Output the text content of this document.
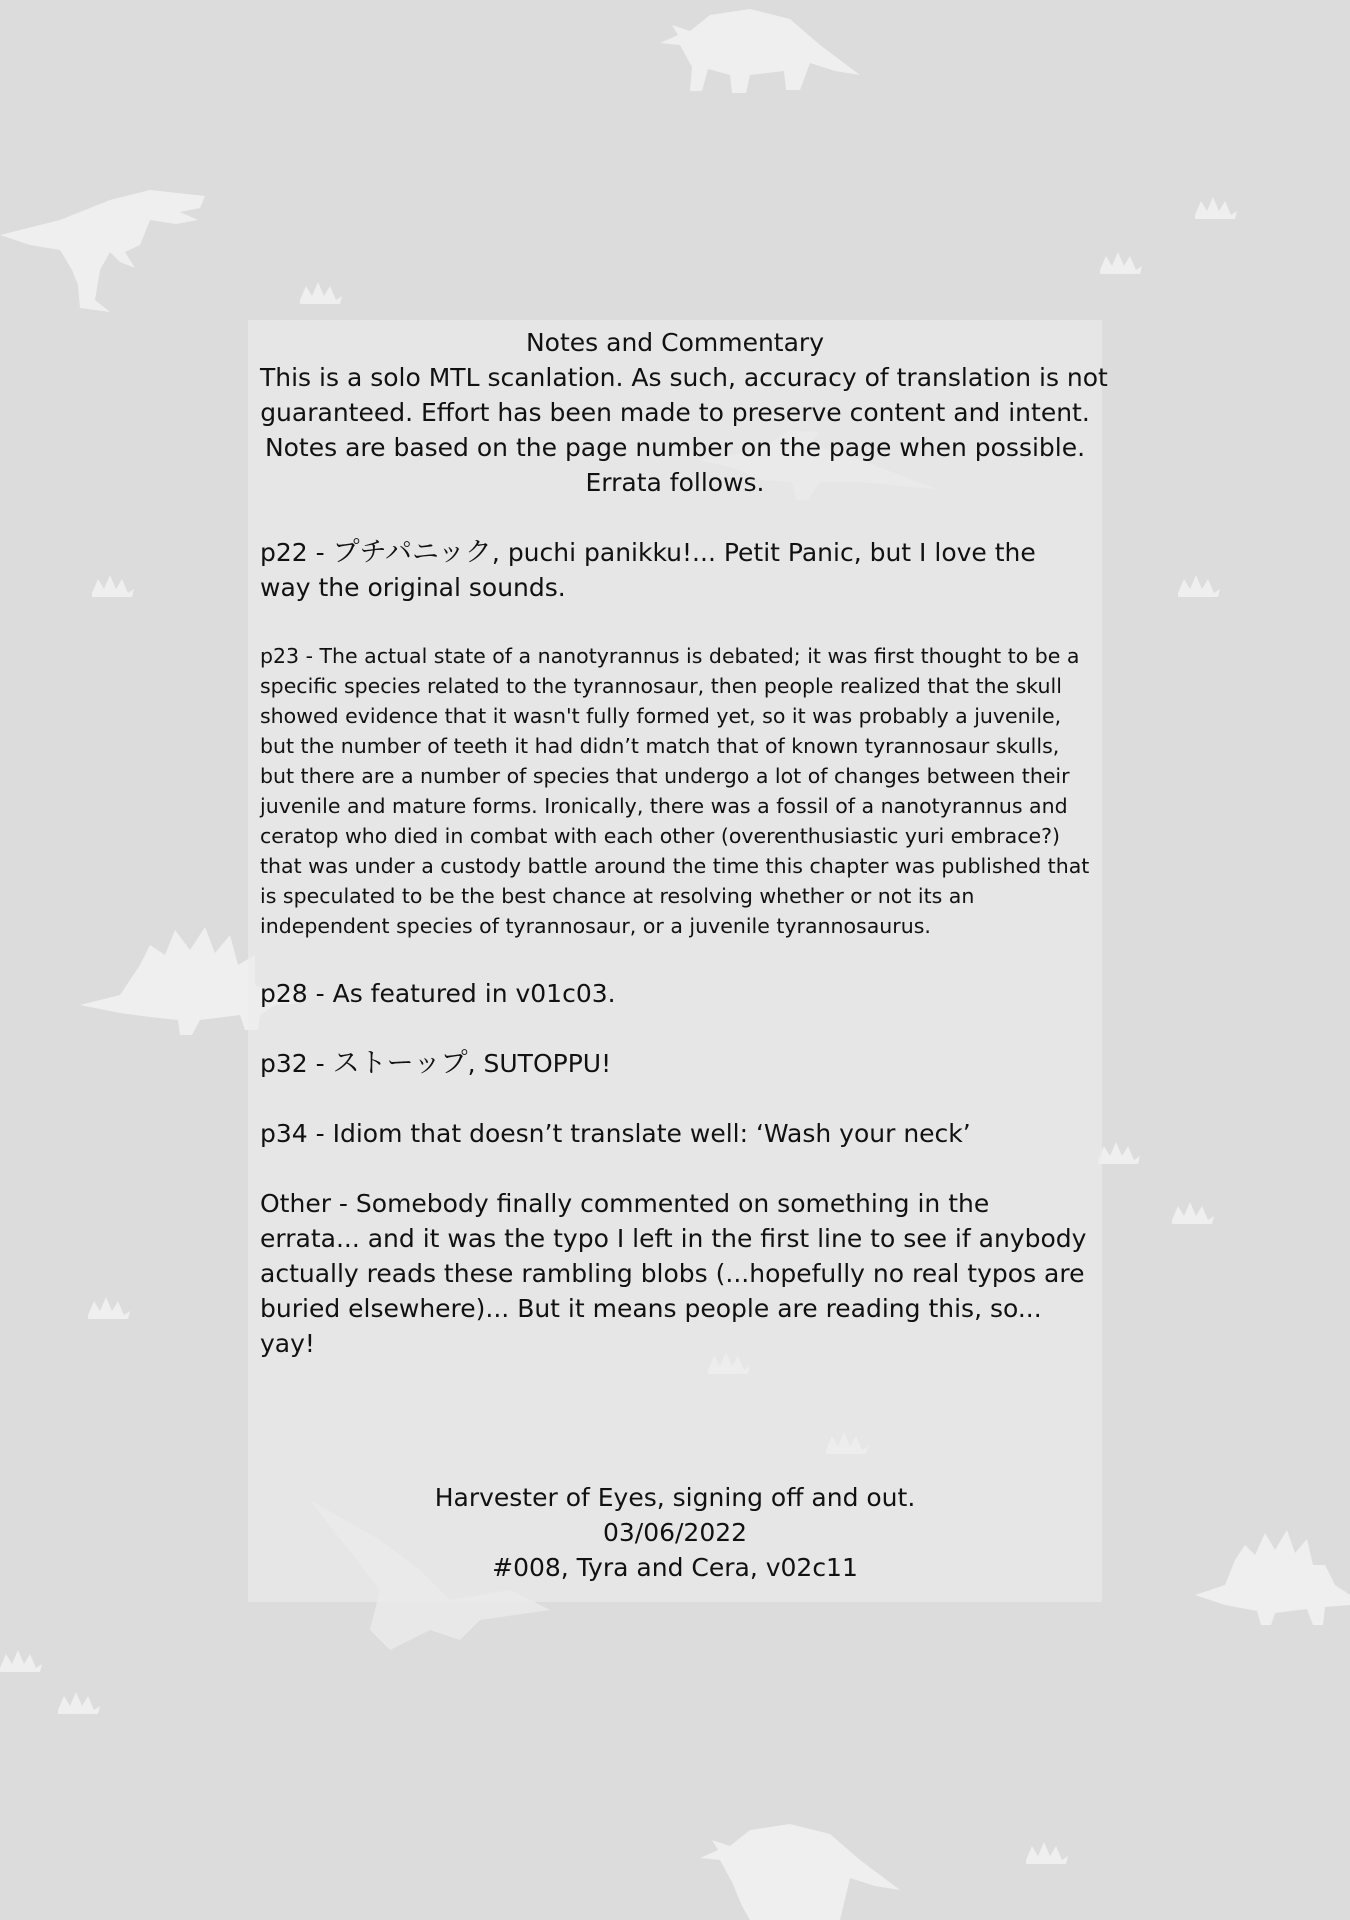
Notes and Commentary
This is a solo MTL scanlation. As such, accuracy of translation is not
guaranteed. Effort has been made to preserve content and intent.
Notes are based on the page number on the page when possible.
Errata follows.

p22 - プチパニック, puchi panikku!... Petit Panic, but I love the way the original sounds.

p23 - The actual state of a nanotyrannus is debated; it was first thought to be a specific species related to the tyrannosaur, then people realized that the skull showed evidence that it wasn't fully formed yet, so it was probably a juvenile, but the number of teeth it had didn’t match that of known tyrannosaur skulls, but there are a number of species that undergo a lot of changes between their juvenile and mature forms. Ironically, there was a fossil of a nanotyrannus and ceratop who died in combat with each other (overenthusiastic yuri embrace?) that was under a custody battle around the time this chapter was published that is speculated to be the best chance at resolving whether or not its an independent species of tyrannosaur, or a juvenile tyrannosaurus.

p28 - As featured in v01c03.

p32 - ストーップ, SUTOPPU!

p34 - Idiom that doesn’t translate well: ‘Wash your neck’

Other - Somebody finally commented on something in the errata... and it was the typo I left in the first line to see if anybody actually reads these rambling blobs (...hopefully no real typos are buried elsewhere)... But it means people are reading this, so... yay!

Harvester of Eyes, signing off and out.
03/06/2022
#008, Tyra and Cera, v02c11
